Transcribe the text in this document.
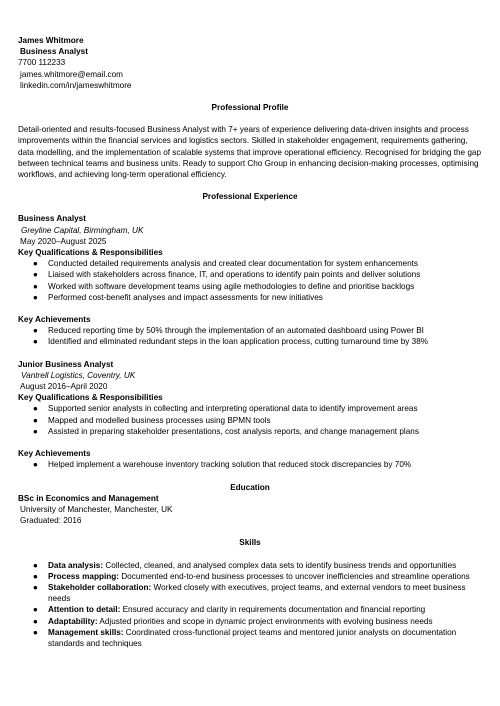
James Whitmore
Business Analyst
7700 112233
james.whitmore@email.com
linkedin.com/in/jameswhitmore
Professional Profile

Detail-oriented and results-focused Business Analyst with 7+ years of experience delivering data-driven insights and process improvements within the financial services and logistics sectors. Skilled in stakeholder engagement, requirements gathering, data modelling, and the implementation of scalable systems that improve operational efficiency. Recognised for bridging the gap between technical teams and business units. Ready to support Cho Group in enhancing decision-making processes, optimising workflows, and achieving long-term operational efficiency.

Professional Experience
Business Analyst
Greyline Capital, Birmingham, UK
May 2020–August 2025
Key Qualifications & Responsibilities
● Conducted detailed requirements analysis and created clear documentation for system enhancements
● Liaised with stakeholders across finance, IT, and operations to identify pain points and deliver solutions
● Worked with software development teams using agile methodologies to define and prioritise backlogs
● Performed cost-benefit analyses and impact assessments for new initiatives
Key Achievements
● Reduced reporting time by 50% through the implementation of an automated dashboard using Power BI
● Identified and eliminated redundant steps in the loan application process, cutting turnaround time by 38%
Junior Business Analyst
Vantrell Logistics, Coventry, UK
August 2016–April 2020
Key Qualifications & Responsibilities
● Supported senior analysts in collecting and interpreting operational data to identify improvement areas
● Mapped and modelled business processes using BPMN tools
● Assisted in preparing stakeholder presentations, cost analysis reports, and change management plans
Key Achievements
● Helped implement a warehouse inventory tracking solution that reduced stock discrepancies by 70%
Education
BSc in Economics and Management
University of Manchester, Manchester, UK
Graduated: 2016
Skills
● Data analysis: Collected, cleaned, and analysed complex data sets to identify business trends and opportunities
● Process mapping: Documented end-to-end business processes to uncover inefficiencies and streamline operations
● Stakeholder collaboration: Worked closely with executives, project teams, and external vendors to meet business needs
● Attention to detail: Ensured accuracy and clarity in requirements documentation and financial reporting
● Adaptability: Adjusted priorities and scope in dynamic project environments with evolving business needs
● Management skills: Coordinated cross-functional project teams and mentored junior analysts on documentation standards and techniques
